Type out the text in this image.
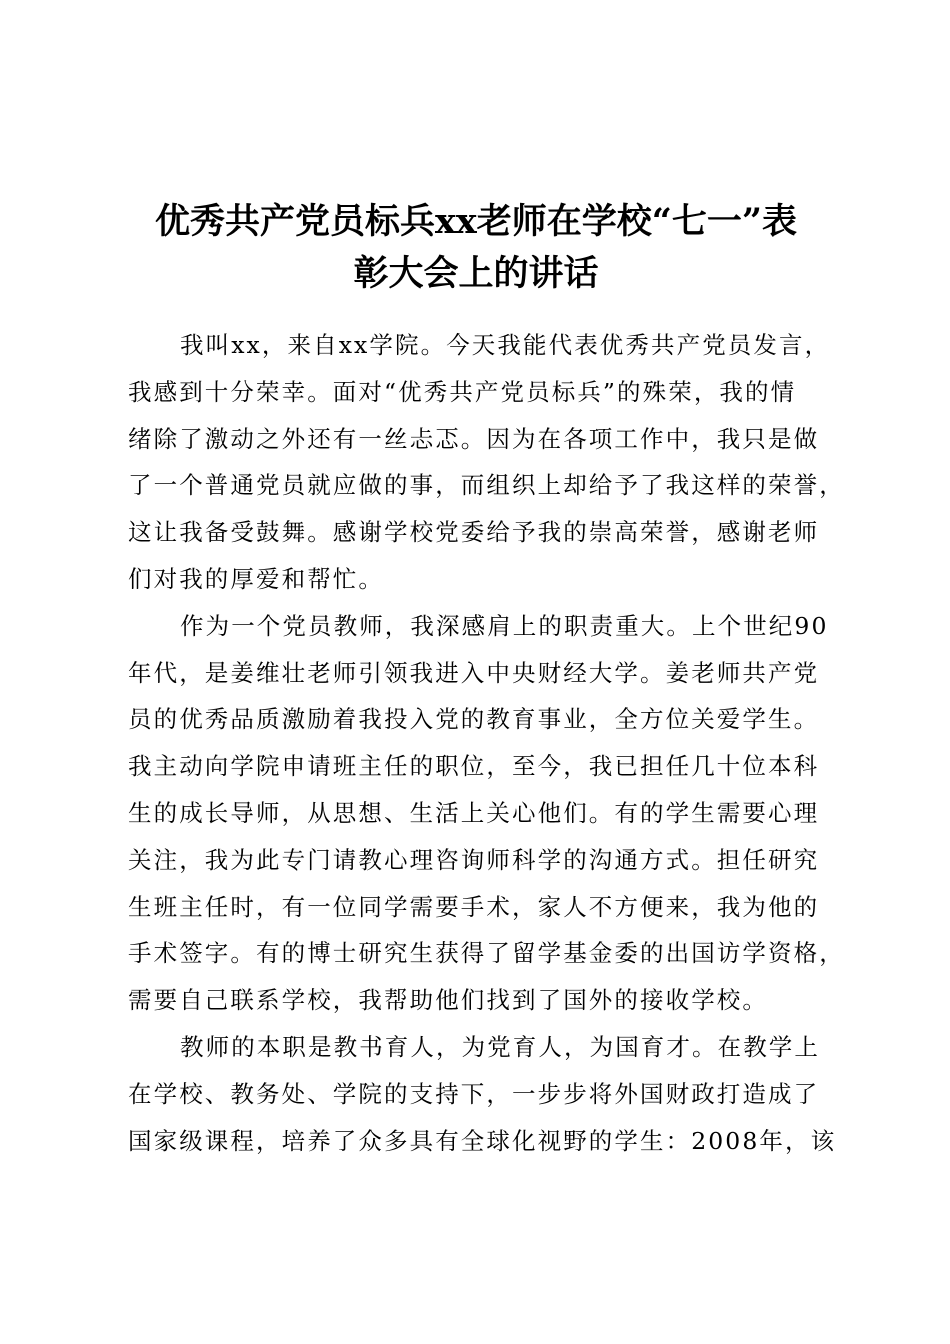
优秀共产党员标兵xx老师在学校“七一”表
彰大会上的讲话

我叫xx，来自xx学院。今天我能代表优秀共产党员发言，
我感到十分荣幸。面对“优秀共产党员标兵”的殊荣，我的情
绪除了激动之外还有一丝忐忑。因为在各项工作中，我只是做
了一个普通党员就应做的事，而组织上却给予了我这样的荣誉，
这让我备受鼓舞。感谢学校党委给予我的崇高荣誉，感谢老师
们对我的厚爱和帮忙。

作为一个党员教师，我深感肩上的职责重大。上个世纪90
年代，是姜维壮老师引领我进入中央财经大学。姜老师共产党
员的优秀品质激励着我投入党的教育事业，全方位关爱学生。
我主动向学院申请班主任的职位，至今，我已担任几十位本科
生的成长导师，从思想、生活上关心他们。有的学生需要心理
关注，我为此专门请教心理咨询师科学的沟通方式。担任研究
生班主任时，有一位同学需要手术，家人不方便来，我为他的
手术签字。有的博士研究生获得了留学基金委的出国访学资格，
需要自己联系学校，我帮助他们找到了国外的接收学校。

教师的本职是教书育人，为党育人，为国育才。在教学上
在学校、教务处、学院的支持下，一步步将外国财政打造成了
国家级课程，培养了众多具有全球化视野的学生：2008年，该
